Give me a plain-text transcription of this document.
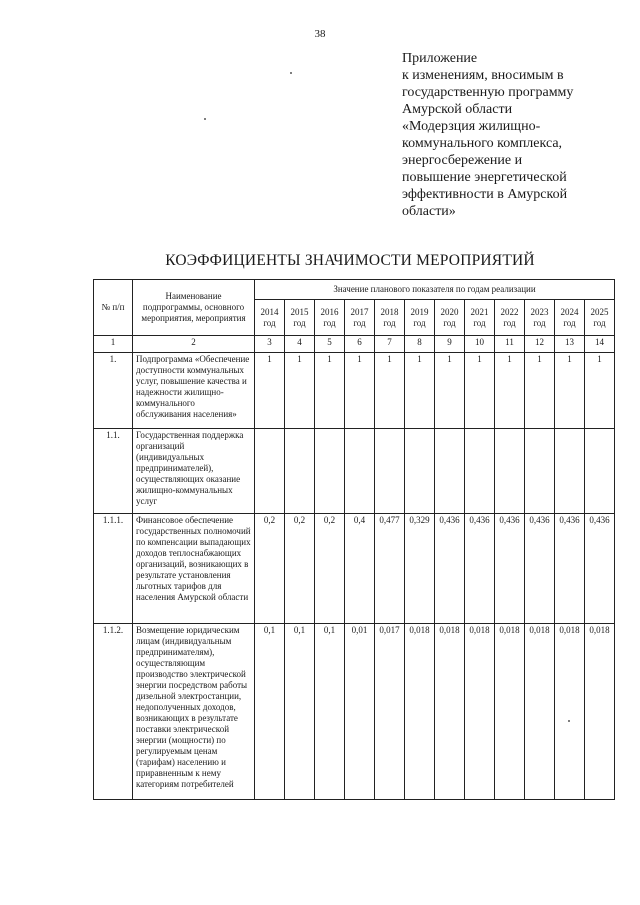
38
Приложение
к изменениям, вносимым в
государственную программу
Амурской области
«Модерзция жилищно-
коммунального комплекса,
энергосбережение и
повышение энергетической
эффективности в Амурской
области»
КОЭФФИЦИЕНТЫ ЗНАЧИМОСТИ МЕРОПРИЯТИЙ
№ п/п	Наименование подпрограммы, основного мероприятия, мероприятия	Значение планового показателя по годам реализации											
		2014 год	2015 год	2016 год	2017 год	2018 год	2019 год	2020 год	2021 год	2022 год	2023 год	2024 год	2025 год
1	2	3	4	5	6	7	8	9	10	11	12	13	14
1.	Подпрограмма «Обеспечение доступности коммунальных услуг, повышение качества и надежности жилищно-коммунального обслуживания населения»	1	1	1	1	1	1	1	1	1	1	1	1
1.1.	Государственная поддержка организаций (индивидуальных предпринимателей), осуществляющих оказание жилищно-коммунальных услуг												
1.1.1.	Финансовое обеспечение государственных полномочий по компенсации выпадающих доходов теплоснабжающих организаций, возникающих в результате установления льготных тарифов для населения Амурской области	0,2	0,2	0,2	0,4	0,477	0,329	0,436	0,436	0,436	0,436	0,436	0,436
1.1.2.	Возмещение юридическим лицам (индивидуальным предпринимателям), осуществляющим производство электрической энергии посредством работы дизельной электростанции, недополученных доходов, возникающих в результате поставки электрической энергии (мощности) по регулируемым ценам (тарифам) населению и приравненным к нему категориям потребителей	0,1	0,1	0,1	0,01	0,017	0,018	0,018	0,018	0,018	0,018	0,018	0,018
